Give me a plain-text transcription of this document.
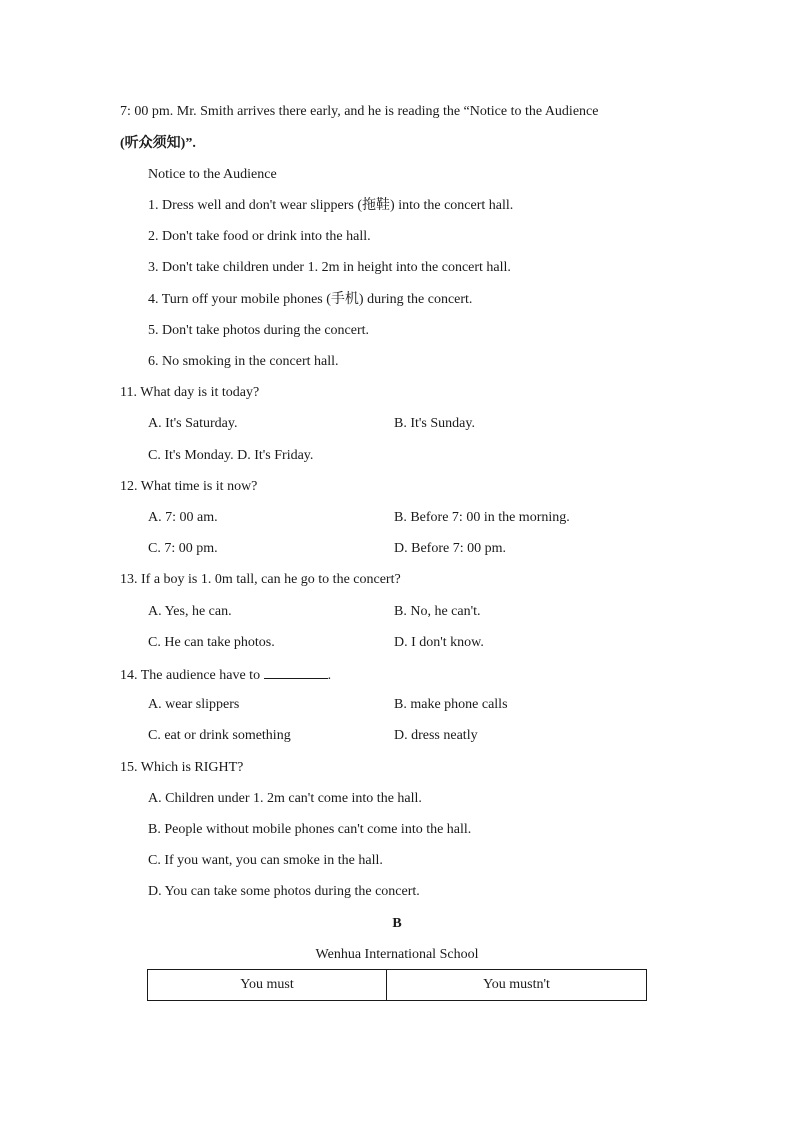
7: 00 pm. Mr. Smith arrives there early, and he is reading the “Notice to the Audience
(听众须知)”.
Notice to the Audience
1. Dress well and don't wear slippers (拖鞋) into the concert hall.
2. Don't take food or drink into the hall.
3. Don't take children under 1. 2m in height into the concert hall.
4. Turn off your mobile phones (手机) during the concert.
5. Don't take photos during the concert.
6. No smoking in the concert hall.
11. What day is it today?
A. It's Saturday.	B. It's Sunday.
C. It's Monday. D. It's Friday.
12. What time is it now?
A. 7: 00 am.	B. Before 7: 00 in the morning.
C. 7: 00 pm.	D. Before 7: 00 pm.
13. If a boy is 1. 0m tall, can he go to the concert?
A. Yes, he can.	B. No, he can't.
C. He can take photos.	D. I don't know.
14. The audience have to	.
A. wear slippers	B. make phone calls
C. eat or drink something	D. dress neatly
15. Which is RIGHT?
A. Children under 1. 2m can't come into the hall.
B. People without mobile phones can't come into the hall.
C. If you want, you can smoke in the hall.
D. You can take some photos during the concert.
B
Wenhua International School
You must	You mustn't
